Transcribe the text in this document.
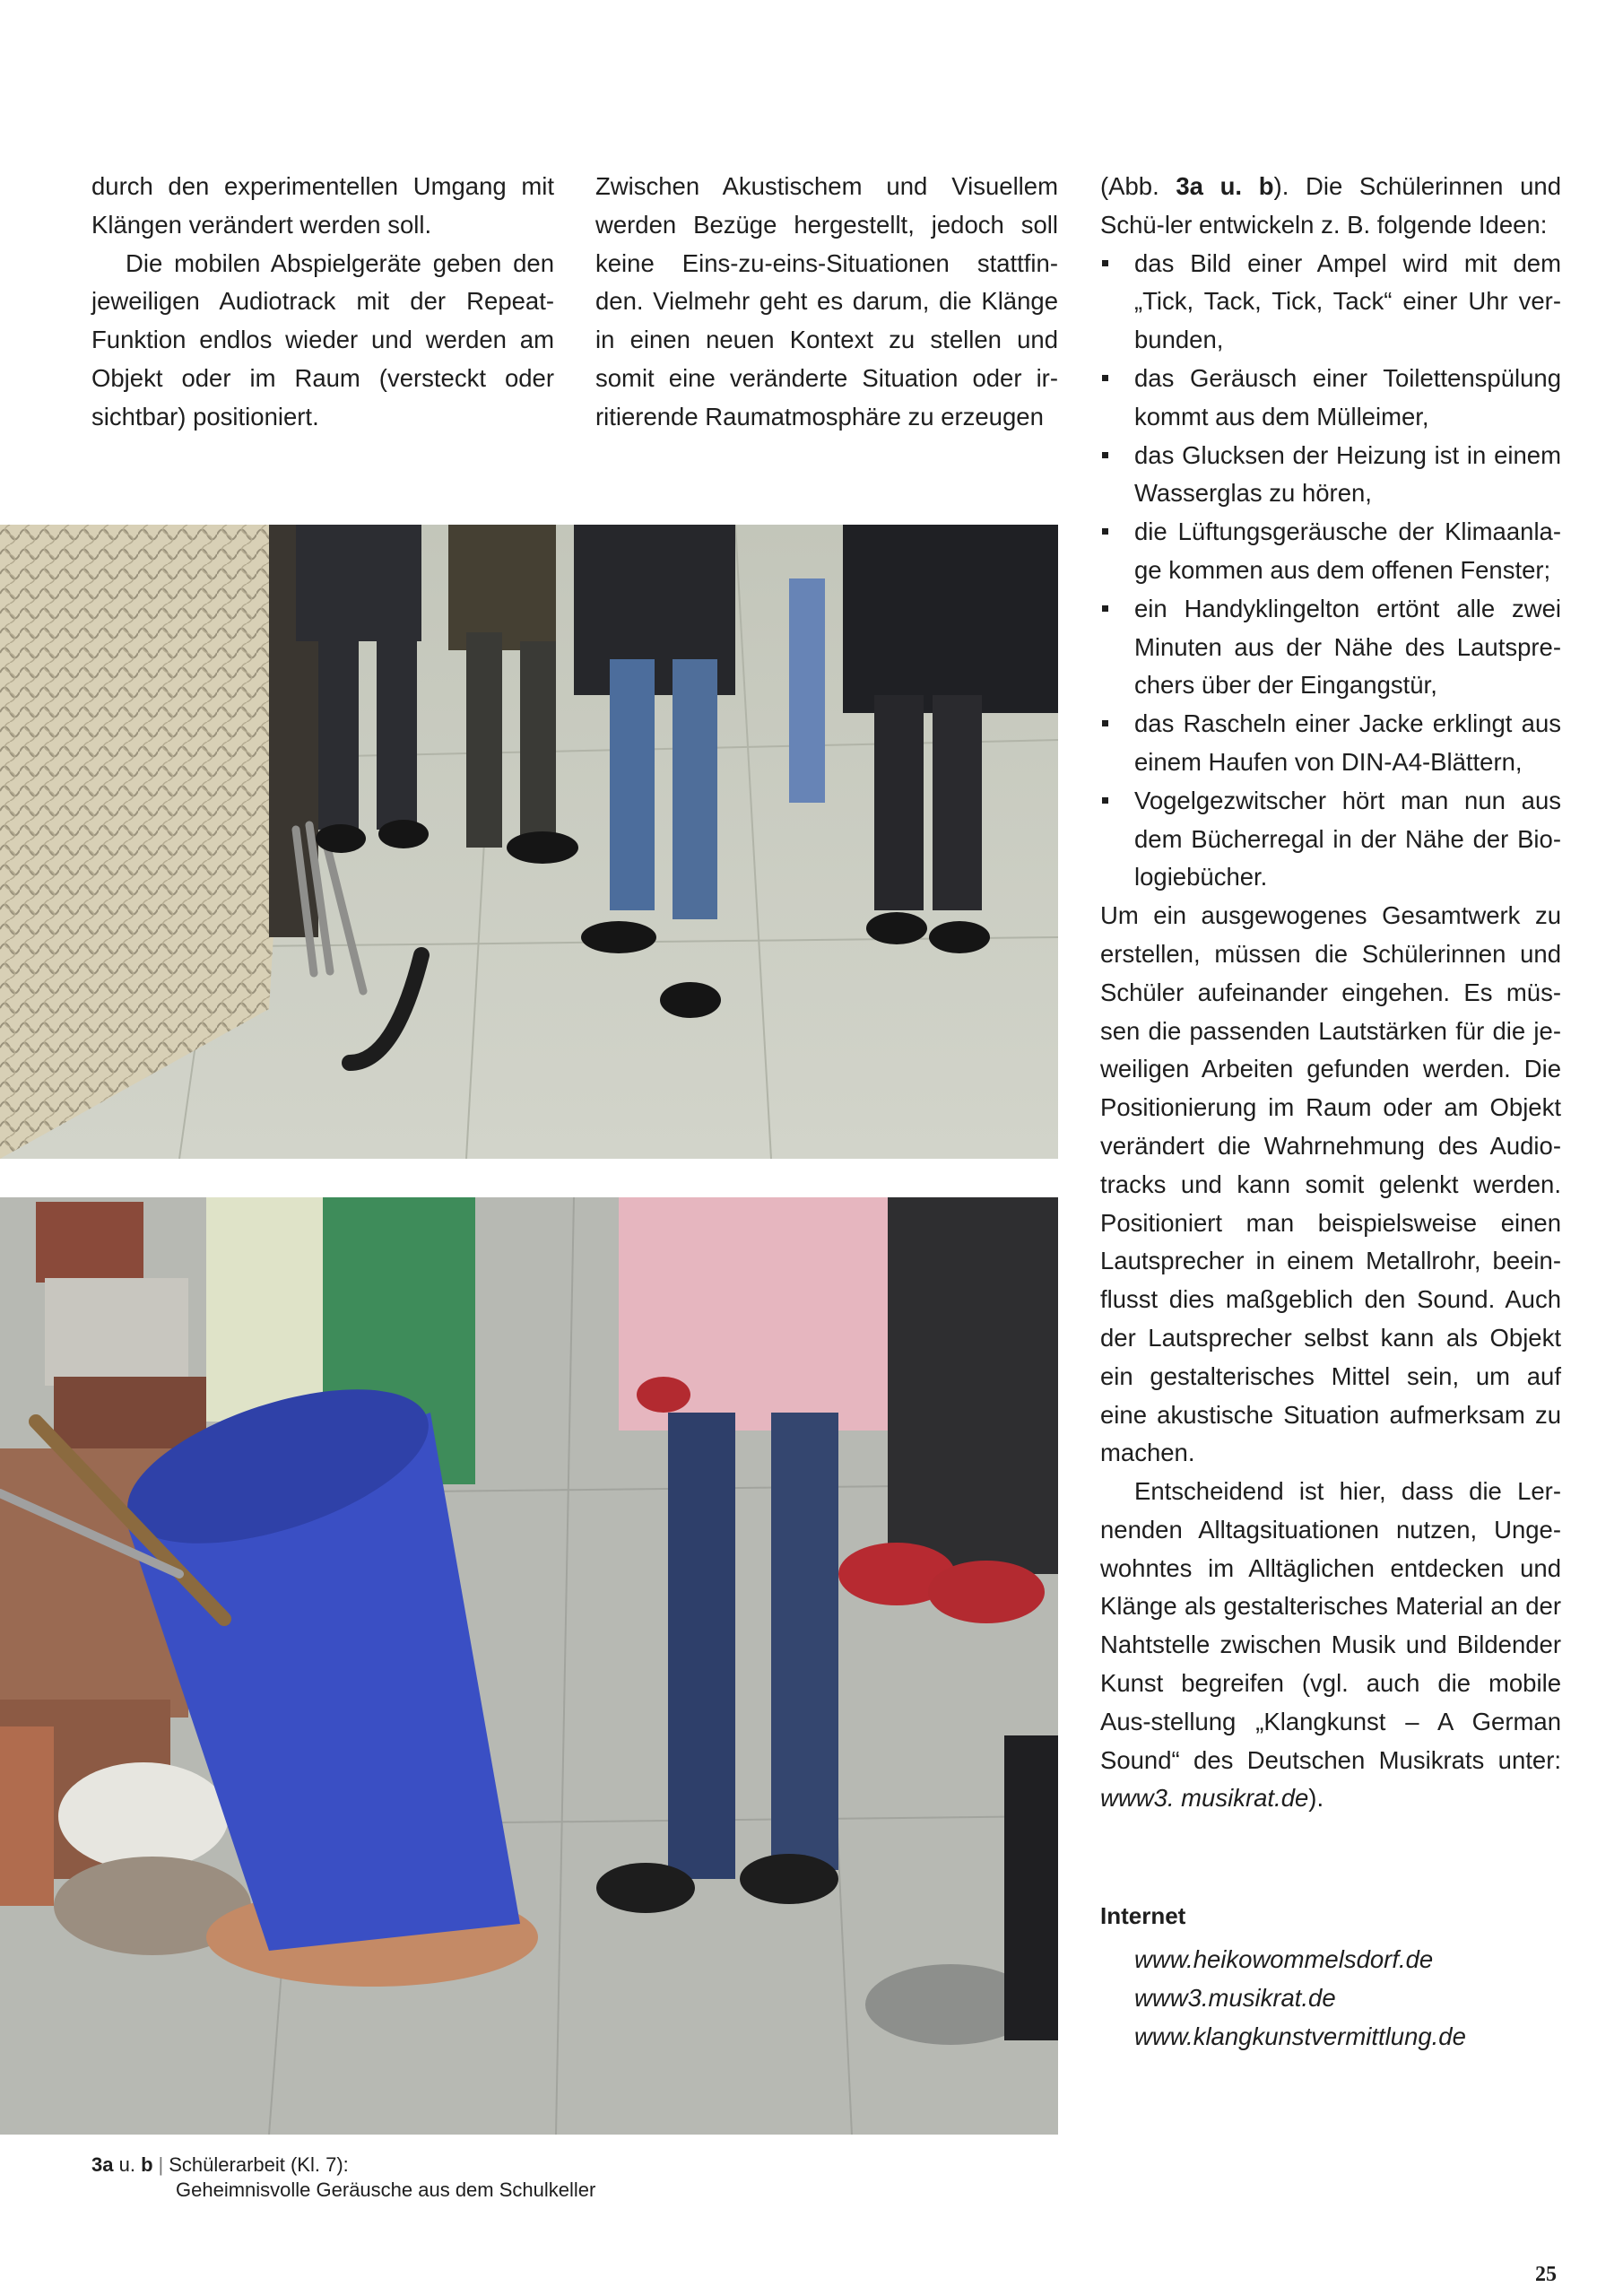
durch den experimentellen Umgang mit Klängen verändert werden soll.

Die mobilen Abspielgeräte geben den jeweiligen Audiotrack mit der Repeat-Funktion endlos wieder und werden am Objekt oder im Raum (versteckt oder sichtbar) positioniert.

Zwischen Akustischem und Visuellem werden Bezüge hergestellt, jedoch soll keine Eins-zu-eins-Situationen stattfin-den. Vielmehr geht es darum, die Klänge in einen neuen Kontext zu stellen und somit eine veränderte Situation oder ir-ritierende Raumatmosphäre zu erzeugen

(Abb. 3a u. b). Die Schülerinnen und Schü-ler entwickeln z. B. folgende Ideen:

das Bild einer Ampel wird mit dem „Tick, Tack, Tick, Tack“ einer Uhr ver-bunden,
das Geräusch einer Toilettenspülung kommt aus dem Mülleimer,
das Glucksen der Heizung ist in einem Wasserglas zu hören,
die Lüftungsgeräusche der Klimaanla-ge kommen aus dem offenen Fenster;
ein Handyklingelton ertönt alle zwei Minuten aus der Nähe des Lautspre-chers über der Eingangstür,
das Rascheln einer Jacke erklingt aus einem Haufen von DIN-A4-Blättern,
Vogelgezwitscher hört man nun aus dem Bücherregal in der Nähe der Bio-logiebücher.

Um ein ausgewogenes Gesamtwerk zu erstellen, müssen die Schülerinnen und Schüler aufeinander eingehen. Es müs-sen die passenden Lautstärken für die je-weiligen Arbeiten gefunden werden. Die Positionierung im Raum oder am Objekt verändert die Wahrnehmung des Audio-tracks und kann somit gelenkt werden. Positioniert man beispielsweise einen Lautsprecher in einem Metallrohr, beein-flusst dies maßgeblich den Sound. Auch der Lautsprecher selbst kann als Objekt ein gestalterisches Mittel sein, um auf eine akustische Situation aufmerksam zu machen.

Entscheidend ist hier, dass die Ler-nenden Alltagsituationen nutzen, Unge-wohntes im Alltäglichen entdecken und Klänge als gestalterisches Material an der Nahtstelle zwischen Musik und Bildender Kunst begreifen (vgl. auch die mobile Aus-stellung „Klangkunst – A German Sound“ des Deutschen Musikrats unter: www3. musikrat.de).

Internet
www.heikowommelsdorf.de
www3.musikrat.de
www.klangkunstvermittlung.de
3a u. b | Schülerarbeit (Kl. 7):
Geheimnisvolle Geräusche aus dem Schulkeller
25
